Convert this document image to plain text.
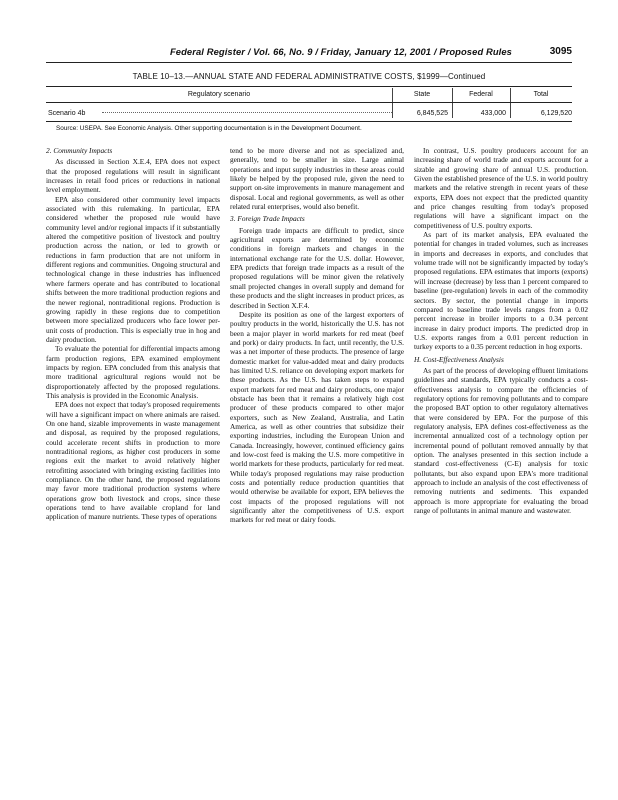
Federal Register / Vol. 66, No. 9 / Friday, January 12, 2001 / Proposed Rules	3095
TABLE 10–13.—ANNUAL STATE AND FEDERAL ADMINISTRATIVE COSTS, $1999—Continued
Regulatory scenario	State	Federal	Total
Scenario 4b	6,845,525	433,000	6,129,520
Source: USEPA. See Economic Analysis. Other supporting documentation is in the Development Document.

2. Community Impacts

As discussed in Section X.E.4, EPA does not expect that the proposed regulations will result in significant increases in retail food prices or reductions in national level employment.

EPA also considered other community level impacts associated with this rulemaking. In particular, EPA considered whether the proposed rule would have community level and/or regional impacts if it substantially altered the competitive position of livestock and poultry production across the nation, or led to growth or reductions in farm production that are not uniform in different regions and communities. Ongoing structural and technological change in these industries has influenced where farmers operate and has contributed to locational shifts between the more traditional production regions and the newer regional, nontraditional regions. Production is growing rapidly in these regions due to competition between more specialized producers who face lower per-unit costs of production. This is especially true in hog and dairy production.

To evaluate the potential for differential impacts among farm production regions, EPA examined employment impacts by region. EPA concluded from this analysis that more traditional agricultural regions would not be disproportionately affected by the proposed regulations. This analysis is provided in the Economic Analysis.

EPA does not expect that today's proposed requirements will have a significant impact on where animals are raised. On one hand, sizable improvements in waste management and disposal, as required by the proposed regulations, could accelerate recent shifts in production to more nontraditional regions, as higher cost producers in some regions exit the market to avoid relatively higher retrofitting associated with bringing existing facilities into compliance. On the other hand, the proposed regulations may favor more traditional production systems where operations grow both livestock and crops, since these operations tend to have available cropland for land application of manure nutrients. These types of operations

tend to be more diverse and not as specialized and, generally, tend to be smaller in size. Large animal operations and input supply industries in these areas could likely be helped by the proposed rule, given the need to support on-site improvements in manure management and disposal. Local and regional governments, as well as other related rural enterprises, would also benefit.

3. Foreign Trade Impacts

Foreign trade impacts are difficult to predict, since agricultural exports are determined by economic conditions in foreign markets and changes in the international exchange rate for the U.S. dollar. However, EPA predicts that foreign trade impacts as a result of the proposed regulations will be minor given the relatively small projected changes in overall supply and demand for these products and the slight increases in product prices, as described in Section X.F.4.

Despite its position as one of the largest exporters of poultry products in the world, historically the U.S. has not been a major player in world markets for red meat (beef and pork) or dairy products. In fact, until recently, the U.S. was a net importer of these products. The presence of large domestic market for value-added meat and dairy products has limited U.S. reliance on developing export markets for these products. As the U.S. has taken steps to expand export markets for red meat and dairy products, one major obstacle has been that it remains a relatively high cost producer of these products compared to other major exporters, such as New Zealand, Australia, and Latin America, as well as other countries that subsidize their exporting industries, including the European Union and Canada. Increasingly, however, continued efficiency gains and low-cost feed is making the U.S. more competitive in world markets for these products, particularly for red meat. While today's proposed regulations may raise production costs and potentially reduce production quantities that would otherwise be available for export, EPA believes the cost impacts of the proposed regulations will not significantly alter the competitiveness of U.S. export markets for red meat or dairy foods.

In contrast, U.S. poultry producers account for an increasing share of world trade and exports account for a sizable and growing share of annual U.S. production. Given the established presence of the U.S. in world poultry markets and the relative strength in recent years of these exports, EPA does not expect that the predicted quantity and price changes resulting from today's proposed regulations will have a significant impact on the competitiveness of U.S. poultry exports.

As part of its market analysis, EPA evaluated the potential for changes in traded volumes, such as increases in imports and decreases in exports, and concludes that volume trade will not be significantly impacted by today's proposed regulations. EPA estimates that imports (exports) will increase (decrease) by less than 1 percent compared to baseline (pre-regulation) levels in each of the commodity sectors. By sector, the potential change in imports compared to baseline trade levels ranges from a 0.02 percent increase in broiler imports to a 0.34 percent increase in dairy product imports. The predicted drop in U.S. exports ranges from a 0.01 percent reduction in turkey exports to a 0.35 percent reduction in hog exports.

H. Cost-Effectiveness Analysis

As part of the process of developing effluent limitations guidelines and standards, EPA typically conducts a cost-effectiveness analysis to compare the efficiencies of regulatory options for removing pollutants and to compare the proposed BAT option to other regulatory alternatives that were considered by EPA. For the purpose of this regulatory analysis, EPA defines cost-effectiveness as the incremental annualized cost of a technology option per incremental pound of pollutant removed annually by that option. The analyses presented in this section include a standard cost-effectiveness (C-E) analysis for toxic pollutants, but also expand upon EPA's more traditional approach to include an analysis of the cost effectiveness of removing nutrients and sediments. This expanded approach is more appropriate for evaluating the broad range of pollutants in animal manure and wastewater.
